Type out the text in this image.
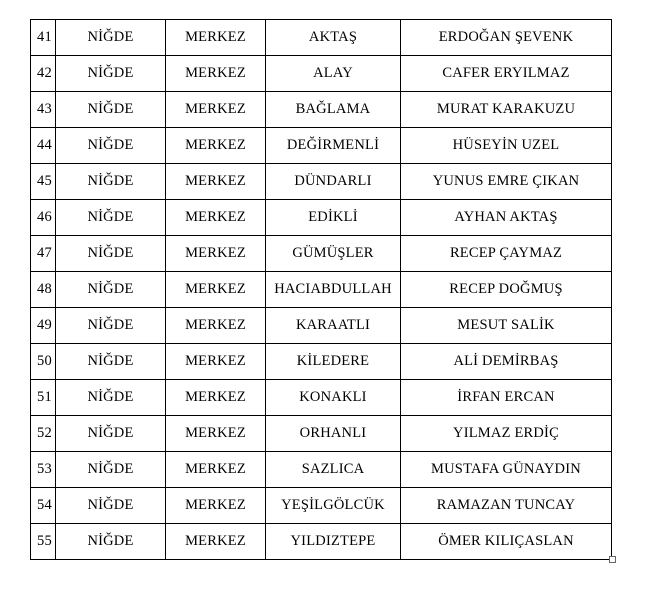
41	NİĞDE	MERKEZ	AKTAŞ	ERDOĞAN ŞEVENK
42	NİĞDE	MERKEZ	ALAY	CAFER ERYILMAZ
43	NİĞDE	MERKEZ	BAĞLAMA	MURAT KARAKUZU
44	NİĞDE	MERKEZ	DEĞİRMENLİ	HÜSEYİN UZEL
45	NİĞDE	MERKEZ	DÜNDARLI	YUNUS EMRE ÇIKAN
46	NİĞDE	MERKEZ	EDİKLİ	AYHAN AKTAŞ
47	NİĞDE	MERKEZ	GÜMÜŞLER	RECEP ÇAYMAZ
48	NİĞDE	MERKEZ	HACIABDULLAH	RECEP DOĞMUŞ
49	NİĞDE	MERKEZ	KARAATLI	MESUT SALİK
50	NİĞDE	MERKEZ	KİLEDERE	ALİ DEMİRBAŞ
51	NİĞDE	MERKEZ	KONAKLI	İRFAN ERCAN
52	NİĞDE	MERKEZ	ORHANLI	YILMAZ ERDİÇ
53	NİĞDE	MERKEZ	SAZLICA	MUSTAFA GÜNAYDIN
54	NİĞDE	MERKEZ	YEŞİLGÖLCÜK	RAMAZAN TUNCAY
55	NİĞDE	MERKEZ	YILDIZTEPE	ÖMER KILIÇASLAN
